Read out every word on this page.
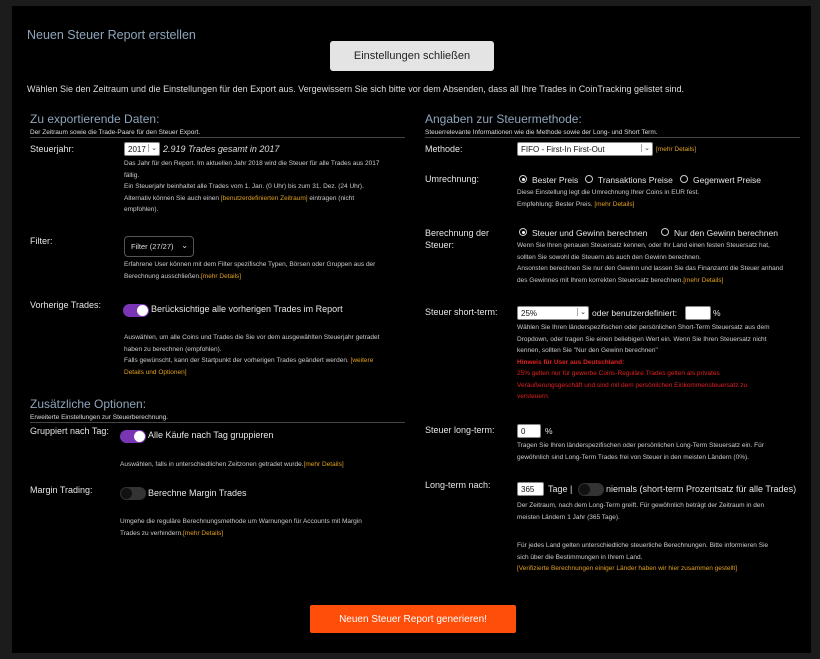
Neuen Steuer Report erstellen
Einstellungen schließen
Wählen Sie den Zeitraum und die Einstellungen für den Export aus. Vergewissern Sie sich bitte vor dem Absenden, dass all Ihre Trades in CoinTracking gelistet sind.
Zu exportierende Daten:
Der Zeitraum sowie die Trade-Paare für den Steuer Export.
Steuerjahr:	2017 ⌄ 2.919 Trades gesamt in 2017
Das Jahr für den Report. Im aktuellen Jahr 2018 wird die Steuer für alle Trades aus 2017
fällig.
Ein Steuerjahr beinhaltet alle Trades vom 1. Jan. (0 Uhr) bis zum 31. Dez. (24 Uhr).
Alternativ können Sie auch einen [benutzerdefinierten Zeitraum] eintragen (nicht
empfohlen).
Filter:
Filter (27/27) ⌄
Erfahrene User können mit dem Filter spezifische Typen, Börsen oder Gruppen aus der
Berechnung ausschließen.[mehr Details]
Vorherige Trades:	Berücksichtige alle vorherigen Trades im Report
Auswählen, um alle Coins und Trades die Sie vor dem ausgewählten Steuerjahr getradet
haben zu berechnen (empfohlen).
Falls gewünscht, kann der Startpunkt der vorherigen Trades geändert werden. [weitere
Details und Optionen]
Zusätzliche Optionen:
Erweiterte Einstellungen zur Steuerberechnung.
Gruppiert nach Tag:	Alle Käufe nach Tag gruppieren
Auswählen, falls in unterschiedlichen Zeitzonen getradet wurde.[mehr Details]
Margin Trading:	Berechne Margin Trades
Umgehe die reguläre Berechnungsmethode um Warnungen für Accounts mit Margin
Trades zu verhindern.[mehr Details]
Angaben zur Steuermethode:
Steuerrelevante Informationen wie die Methode sowie der Long- und Short Term.
Methode:	FIFO - First-In First-Out	⌄ [mehr Details]
Umrechnung:	Bester Preis Transaktions Preise Gegenwert Preise
Diese Einstellung legt die Umrechnung Ihrer Coins in EUR fest.
Empfehlung: Bester Preis. [mehr Details]
Berechnung der
Steuer:
Steuer und Gewinn berechnen	Nur den Gewinn berechnen
Wenn Sie Ihren genauen Steuersatz kennen, oder Ihr Land einen festen Steuersatz hat,
sollten Sie sowohl die Steuern als auch den Gewinn berechnen.
Ansonsten berechnen Sie nur den Gewinn und lassen Sie das Finanzamt die Steuer anhand
des Gewinnes mit Ihrem korrekten Steuersatz berechnen.[mehr Details]
Steuer short-term:	25%	⌄ oder benutzerdefiniert:	%
Wählen Sie Ihren länderspezifischen oder persönlichen Short-Term Steuersatz aus dem
Dropdown, oder tragen Sie einen beliebigen Wert ein. Wenn Sie Ihren Steuersatz nicht
kennen, sollten Sie "Nur den Gewinn berechnen"
Hinweis für User aus Deutschland:
25% gelten nur für gewerbe Coins-Reguläre Trades gelten als privates
Veräußerungsgeschäft und sind mit dem persönlichen Einkommensteuersatz zu
versteuern.
Steuer long-term:	0 %
Tragen Sie Ihren länderspezifischen oder persönlichen Long-Term Steuersatz ein. Für
gewöhnlich sind Long-Term Trades frei von Steuer in den meisten Ländern (0%).
Long-term nach:	365 Tage |	niemals (short-term Prozentsatz für alle Trades)
Der Zeitraum, nach dem Long-Term greift. Für gewöhnlich beträgt der Zeitraum in den
meisten Ländern 1 Jahr (365 Tage).
Für jedes Land gelten unterschiedliche steuerliche Berechnungen. Bitte informieren Sie
sich über die Bestimmungen in Ihrem Land.
[Verifizierte Berechnungen einiger Länder haben wir hier zusammen gestellt]
Neuen Steuer Report generieren!
